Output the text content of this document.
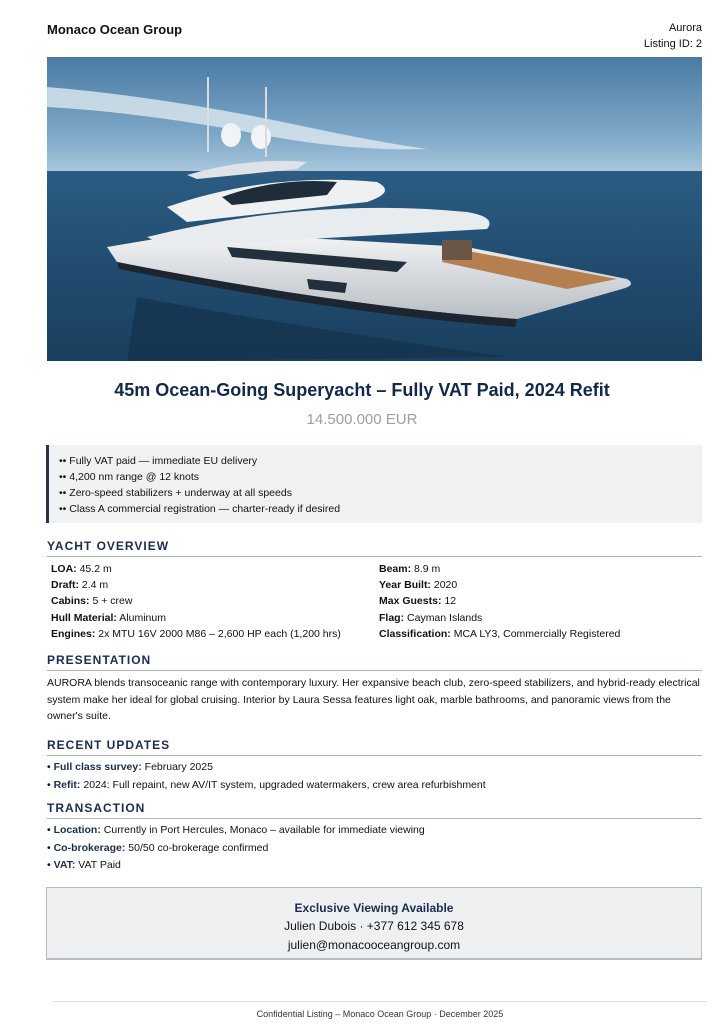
Monaco Ocean Group	Aurora
Listing ID: 2
45m Ocean-Going Superyacht – Fully VAT Paid, 2024 Refit
14.500.000 EUR
•• Fully VAT paid — immediate EU delivery
•• 4,200 nm range @ 12 knots
•• Zero-speed stabilizers + underway at all speeds
•• Class A commercial registration — charter-ready if desired
YACHT OVERVIEW
LOA: 45.2 m	Beam: 8.9 m
Draft: 2.4 m	Year Built: 2020
Cabins: 5 + crew	Max Guests: 12
Hull Material: Aluminum	Flag: Cayman Islands
Engines: 2x MTU 16V 2000 M86 – 2,600 HP each (1,200 hrs)	Classification: MCA LY3, Commercially Registered
PRESENTATION
AURORA blends transoceanic range with contemporary luxury. Her expansive beach club, zero-speed stabilizers, and hybrid-ready electrical system make her ideal for global cruising. Interior by Laura Sessa features light oak, marble bathrooms, and panoramic views from the owner's suite.
RECENT UPDATES
• Full class survey: February 2025
• Refit: 2024: Full repaint, new AV/IT system, upgraded watermakers, crew area refurbishment
TRANSACTION
• Location: Currently in Port Hercules, Monaco – available for immediate viewing
• Co-brokerage: 50/50 co-brokerage confirmed
• VAT: VAT Paid
Exclusive Viewing Available
Julien Dubois · +377 612 345 678
julien@monacooceangroup.com
Confidential Listing – Monaco Ocean Group · December 2025
